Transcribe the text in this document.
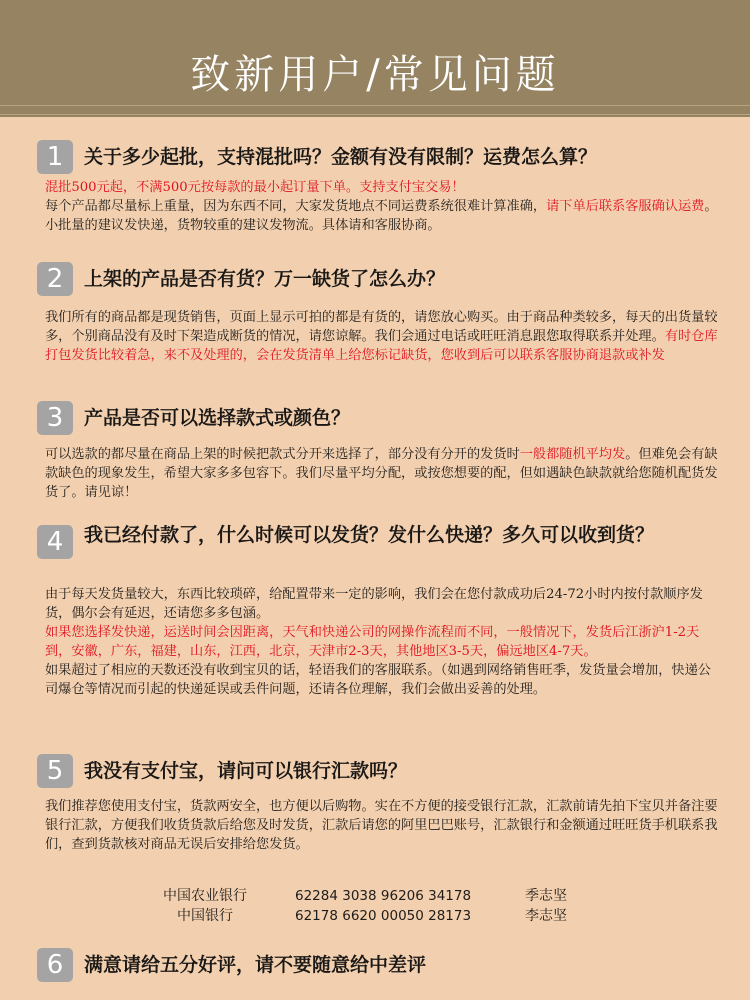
致新用户/常见问题
1	关于多少起批，支持混批吗？金额有没有限制？运费怎么算？
混批500元起，不满500元按每款的最小起订量下单。支持支付宝交易！
每个产品都尽量标上重量，因为东西不同，大家发货地点不同运费系统很难计算准确，请下单后联系客服确认运费。小批量的建议发快递，货物较重的建议发物流。具体请和客服协商。
2	上架的产品是否有货？万一缺货了怎么办？
我们所有的商品都是现货销售，页面上显示可拍的都是有货的，请您放心购买。由于商品种类较多，每天的出货量较多，个别商品没有及时下架造成断货的情况，请您谅解。我们会通过电话或旺旺消息跟您取得联系并处理。有时仓库打包发货比较着急，来不及处理的，会在发货清单上给您标记缺货，您收到后可以联系客服协商退款或补发
3	产品是否可以选择款式或颜色？
可以选款的都尽量在商品上架的时候把款式分开来选择了，部分没有分开的发货时一般都随机平均发。但难免会有缺款缺色的现象发生，希望大家多多包容下。我们尽量平均分配，或按您想要的配，但如遇缺色缺款就给您随机配货发货了。请见谅！
4	我已经付款了，什么时候可以发货？发什么快递？多久可以收到货？
由于每天发货量较大，东西比较琐碎，给配置带来一定的影响，我们会在您付款成功后24-72小时内按付款顺序发货，偶尔会有延迟，还请您多多包涵。
如果您选择发快递，运送时间会因距离，天气和快递公司的网操作流程而不同，一般情况下，发货后江浙沪1-2天到，安徽，广东，福建，山东，江西，北京，天津市2-3天，其他地区3-5天，偏远地区4-7天。
如果超过了相应的天数还没有收到宝贝的话，轻语我们的客服联系。（如遇到网络销售旺季，发货量会增加，快递公司爆仓等情况而引起的快递延误或丢件问题，还请各位理解，我们会做出妥善的处理。
5	我没有支付宝，请问可以银行汇款吗？
我们推荐您使用支付宝，货款两安全，也方便以后购物。实在不方便的接受银行汇款，汇款前请先拍下宝贝并备注要银行汇款，方便我们收货货款后给您及时发货，汇款后请您的阿里巴巴账号，汇款银行和金额通过旺旺货手机联系我们，查到货款核对商品无误后安排给您发货。
中国农业银行	62284 3038 96206 34178	季志坚
中国银行	62178 6620 00050 28173	李志坚
6	满意请给五分好评，请不要随意给中差评
